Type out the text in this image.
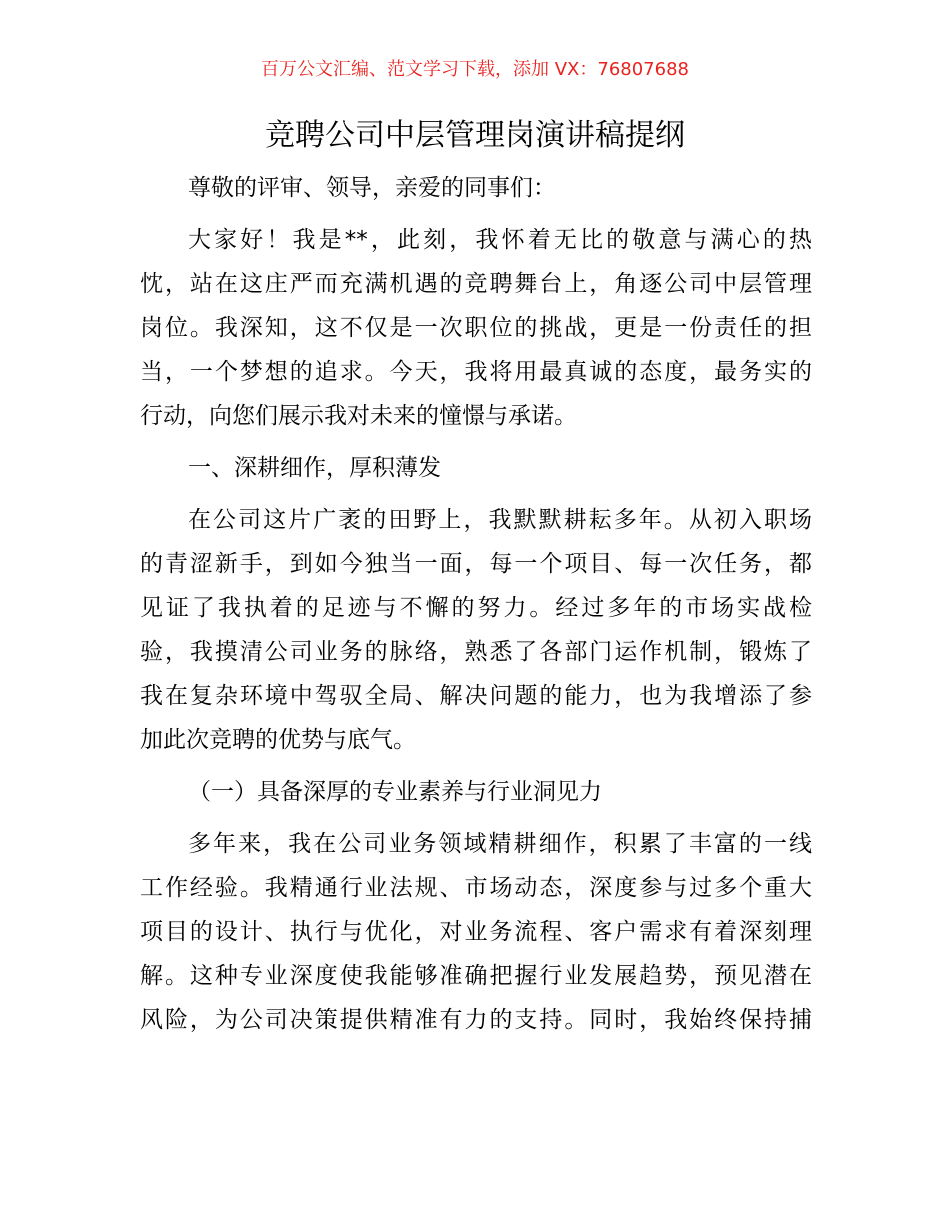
百万公文汇编、范文学习下载，添加 VX：76807688
竞聘公司中层管理岗演讲稿提纲
尊敬的评审、领导，亲爱的同事们：
大家好！我是**，此刻，我怀着无比的敬意与满心的热
忱，站在这庄严而充满机遇的竞聘舞台上，角逐公司中层管理
岗位。我深知，这不仅是一次职位的挑战，更是一份责任的担
当，一个梦想的追求。今天，我将用最真诚的态度，最务实的
行动，向您们展示我对未来的憧憬与承诺。
一、深耕细作，厚积薄发
在公司这片广袤的田野上，我默默耕耘多年。从初入职场
的青涩新手，到如今独当一面，每一个项目、每一次任务，都
见证了我执着的足迹与不懈的努力。经过多年的市场实战检
验，我摸清公司业务的脉络，熟悉了各部门运作机制，锻炼了
我在复杂环境中驾驭全局、解决问题的能力，也为我增添了参
加此次竞聘的优势与底气。
（一）具备深厚的专业素养与行业洞见力
多年来，我在公司业务领域精耕细作，积累了丰富的一线
工作经验。我精通行业法规、市场动态，深度参与过多个重大
项目的设计、执行与优化，对业务流程、客户需求有着深刻理
解。这种专业深度使我能够准确把握行业发展趋势，预见潜在
风险，为公司决策提供精准有力的支持。同时，我始终保持捕
